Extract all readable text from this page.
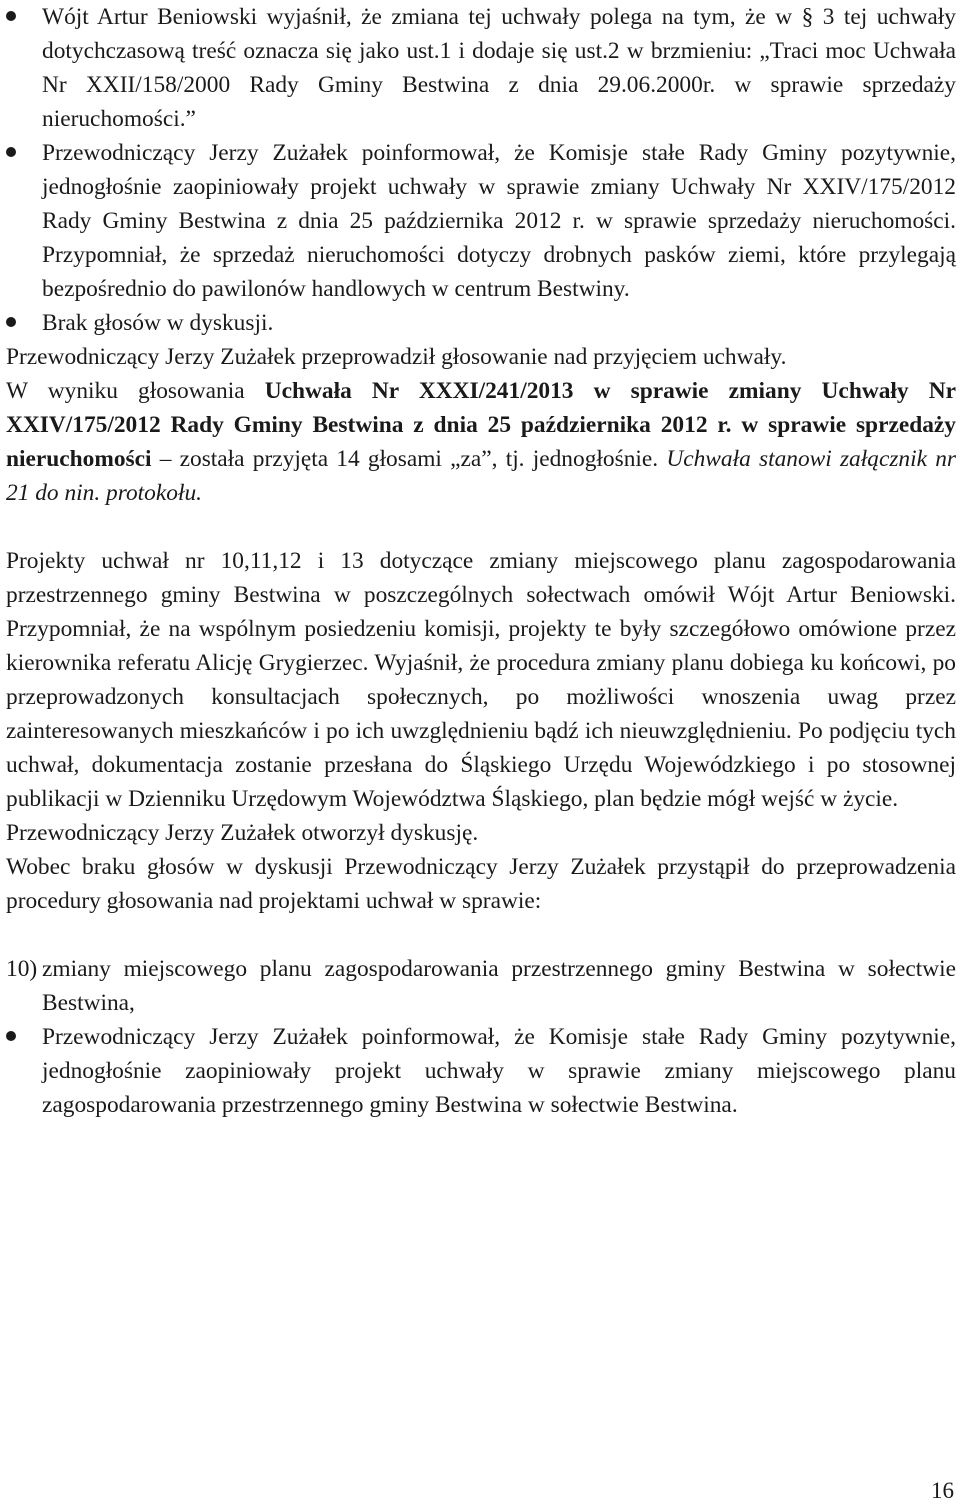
Wójt Artur Beniowski wyjaśnił, że zmiana tej uchwały polega na tym, że w § 3 tej uchwały dotychczasową treść oznacza się jako ust.1 i dodaje się ust.2 w brzmieniu: „Traci moc Uchwała Nr XXII/158/2000 Rady Gminy Bestwina z dnia 29.06.2000r. w sprawie sprzedaży nieruchomości.”

Przewodniczący Jerzy Zużałek poinformował, że Komisje stałe Rady Gminy pozytywnie, jednogłośnie zaopiniowały projekt uchwały w sprawie zmiany Uchwały Nr XXIV/175/2012 Rady Gminy Bestwina z dnia 25 października 2012 r. w sprawie sprzedaży nieruchomości. Przypomniał, że sprzedaż nieruchomości dotyczy drobnych pasków ziemi, które przylegają bezpośrednio do pawilonów handlowych w centrum Bestwiny.

Brak głosów w dyskusji.

Przewodniczący Jerzy Zużałek przeprowadził głosowanie nad przyjęciem uchwały.

W wyniku głosowania Uchwała Nr XXXI/241/2013 w sprawie zmiany Uchwały Nr XXIV/175/2012 Rady Gminy Bestwina z dnia 25 października 2012 r. w sprawie sprzedaży nieruchomości – została przyjęta 14 głosami „za”, tj. jednogłośnie. Uchwała stanowi załącznik nr 21 do nin. protokołu.

Projekty uchwał nr 10,11,12 i 13 dotyczące zmiany miejscowego planu zagospodarowania przestrzennego gminy Bestwina w poszczególnych sołectwach omówił Wójt Artur Beniowski. Przypomniał, że na wspólnym posiedzeniu komisji, projekty te były szczegółowo omówione przez kierownika referatu Alicję Grygierzec. Wyjaśnił, że procedura zmiany planu dobiega ku końcowi, po przeprowadzonych konsultacjach społecznych, po możliwości wnoszenia uwag przez zainteresowanych mieszkańców i po ich uwzględnieniu bądź ich nieuwzględnieniu. Po podjęciu tych uchwał, dokumentacja zostanie przesłana do Śląskiego Urzędu Wojewódzkiego i po stosownej publikacji w Dzienniku Urzędowym Województwa Śląskiego, plan będzie mógł wejść w życie.

Przewodniczący Jerzy Zużałek otworzył dyskusję.

Wobec braku głosów w dyskusji Przewodniczący Jerzy Zużałek przystąpił do przeprowadzenia procedury głosowania nad projektami uchwał w sprawie:

10) zmiany miejscowego planu zagospodarowania przestrzennego gminy Bestwina w sołectwie Bestwina,

Przewodniczący Jerzy Zużałek poinformował, że Komisje stałe Rady Gminy pozytywnie, jednogłośnie zaopiniowały projekt uchwały w sprawie zmiany miejscowego planu zagospodarowania przestrzennego gminy Bestwina w sołectwie Bestwina.

16
